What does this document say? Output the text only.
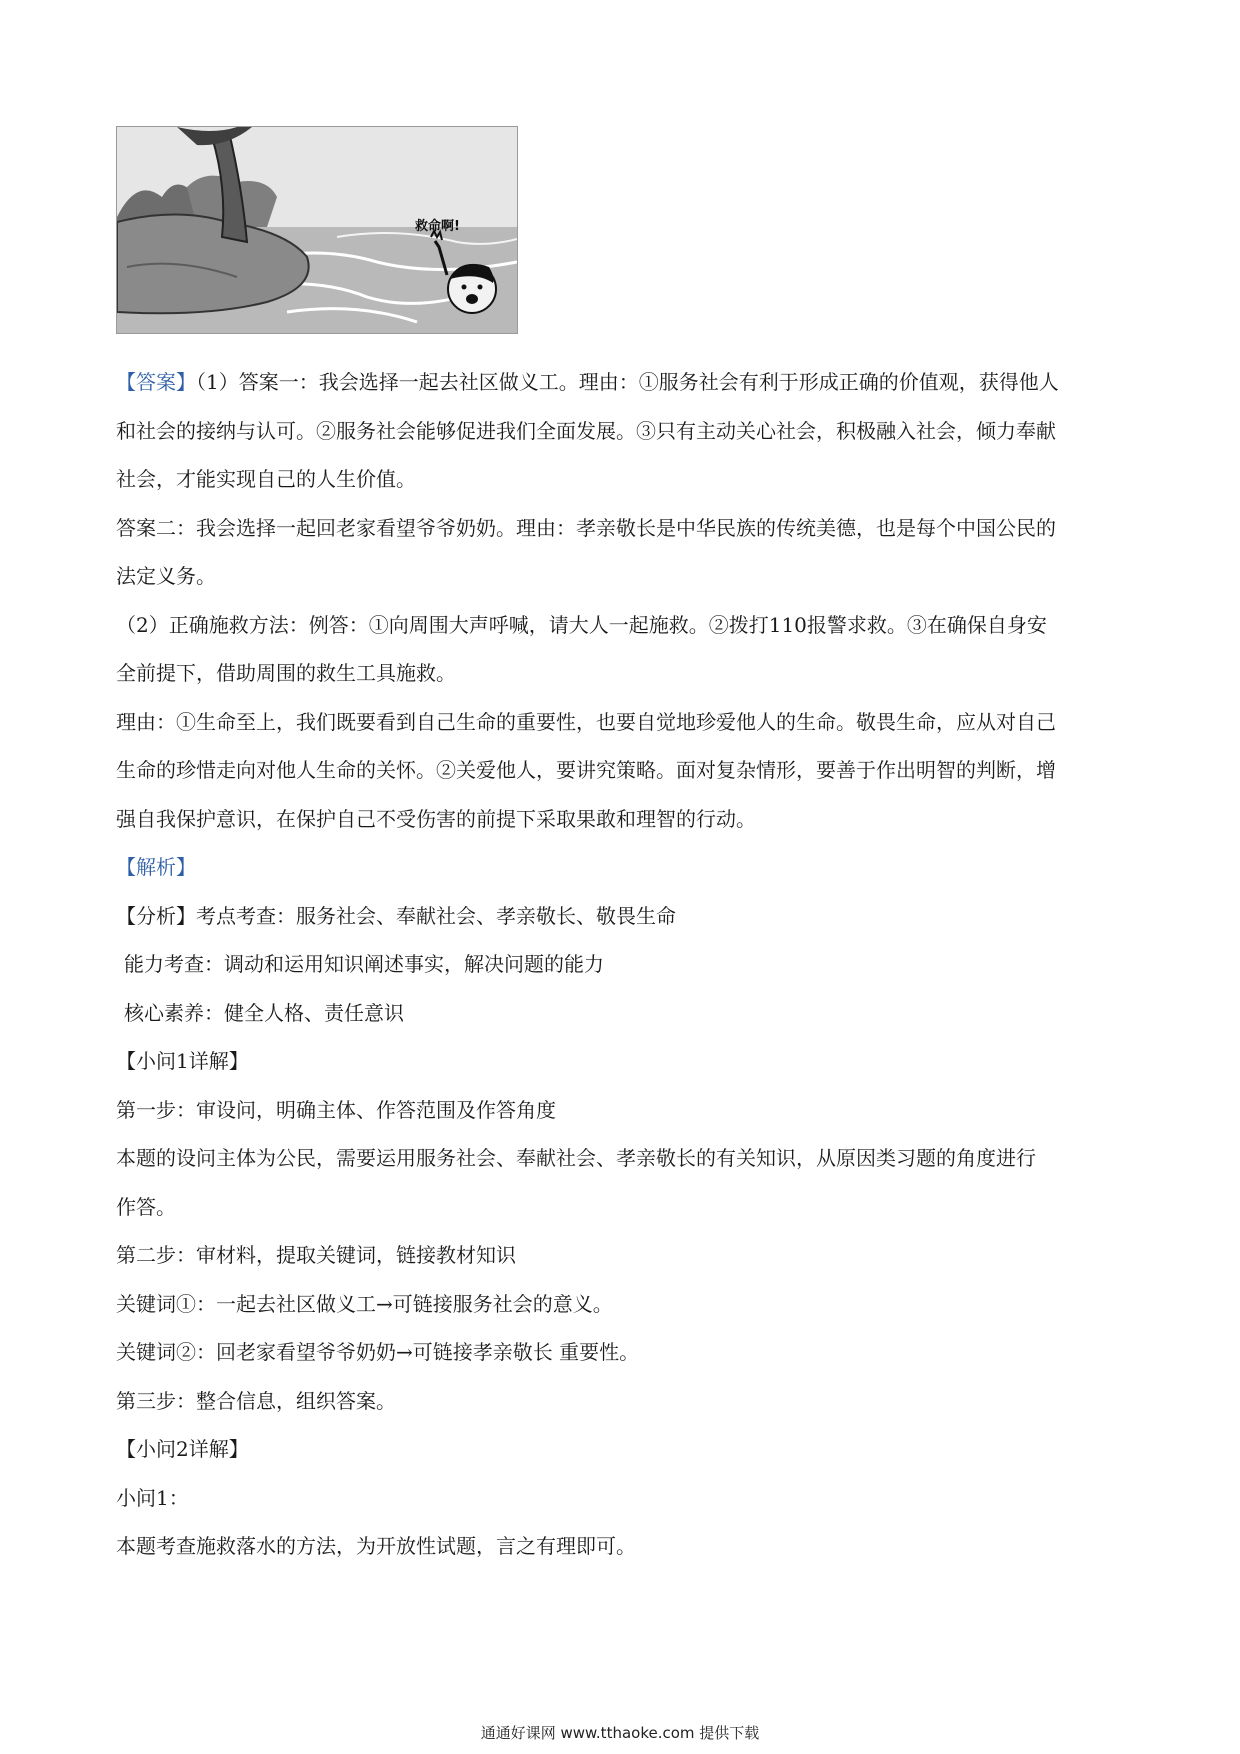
救命啊!

【答案】（1）答案一：我会选择一起去社区做义工。理由：①服务社会有利于形成正确的价值观，获得他人

和社会的接纳与认可。②服务社会能够促进我们全面发展。③只有主动关心社会，积极融入社会，倾力奉献

社会，才能实现自己的人生价值。

答案二：我会选择一起回老家看望爷爷奶奶。理由：孝亲敬长是中华民族的传统美德，也是每个中国公民的

法定义务。

（2）正确施救方法：例答：①向周围大声呼喊，请大人一起施救。②拨打110报警求救。③在确保自身安

全前提下，借助周围的救生工具施救。

理由：①生命至上，我们既要看到自己生命的重要性，也要自觉地珍爱他人的生命。敬畏生命，应从对自己

生命的珍惜走向对他人生命的关怀。②关爱他人，要讲究策略。面对复杂情形，要善于作出明智的判断，增

强自我保护意识，在保护自己不受伤害的前提下采取果敢和理智的行动。

【解析】

【分析】考点考查：服务社会、奉献社会、孝亲敬长、敬畏生命

能力考查：调动和运用知识阐述事实，解决问题的能力

核心素养：健全人格、责任意识

【小问1详解】

第一步：审设问，明确主体、作答范围及作答角度

本题的设问主体为公民，需要运用服务社会、奉献社会、孝亲敬长的有关知识，从原因类习题的角度进行

作答。

第二步：审材料，提取关键词，链接教材知识

关键词①：一起去社区做义工→可链接服务社会的意义。

关键词②：回老家看望爷爷奶奶→可链接孝亲敬长 重要性。

第三步：整合信息，组织答案。

【小问2详解】

小问1：

本题考查施救落水的方法，为开放性试题，言之有理即可。

通通好课网 www.tthaoke.com 提供下载
